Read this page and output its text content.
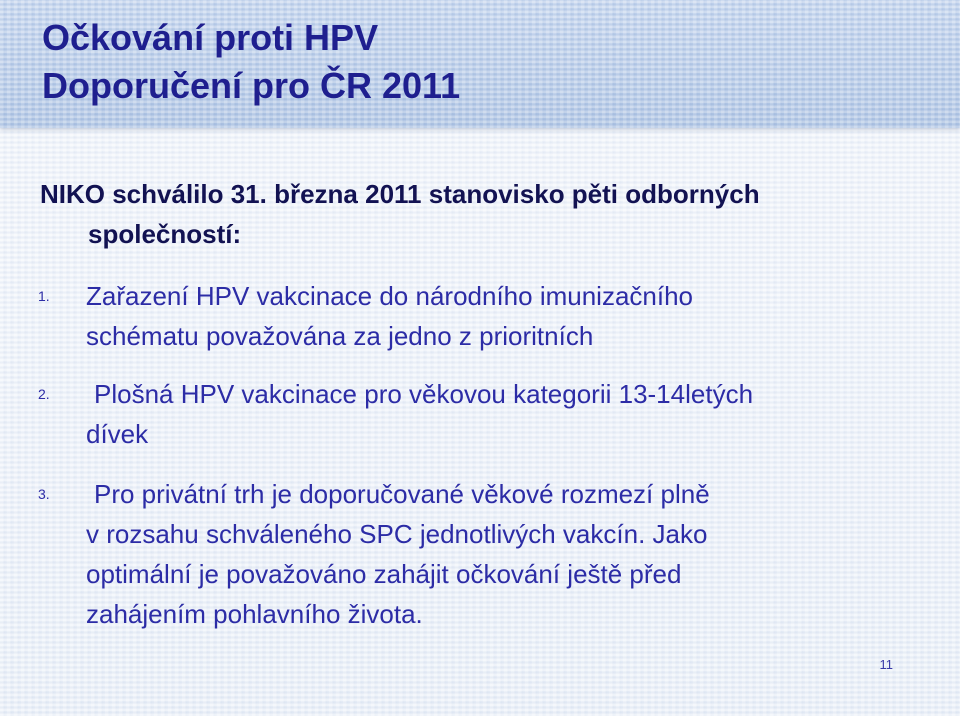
Očkování proti HPV
Doporučení pro ČR 2011

NIKO schválilo 31. března 2011 stanovisko pěti odborných
společností:

1.	Zařazení HPV vakcinace do národního imunizačního
schématu považována za jedno z prioritních
2.	Plošná HPV vakcinace pro věkovou kategorii 13-14letých
dívek
3.	Pro privátní trh je doporučované věkové rozmezí plně
v rozsahu schváleného SPC jednotlivých vakcín. Jako
optimální je považováno zahájit očkování ještě před
zahájením pohlavního života.
11
